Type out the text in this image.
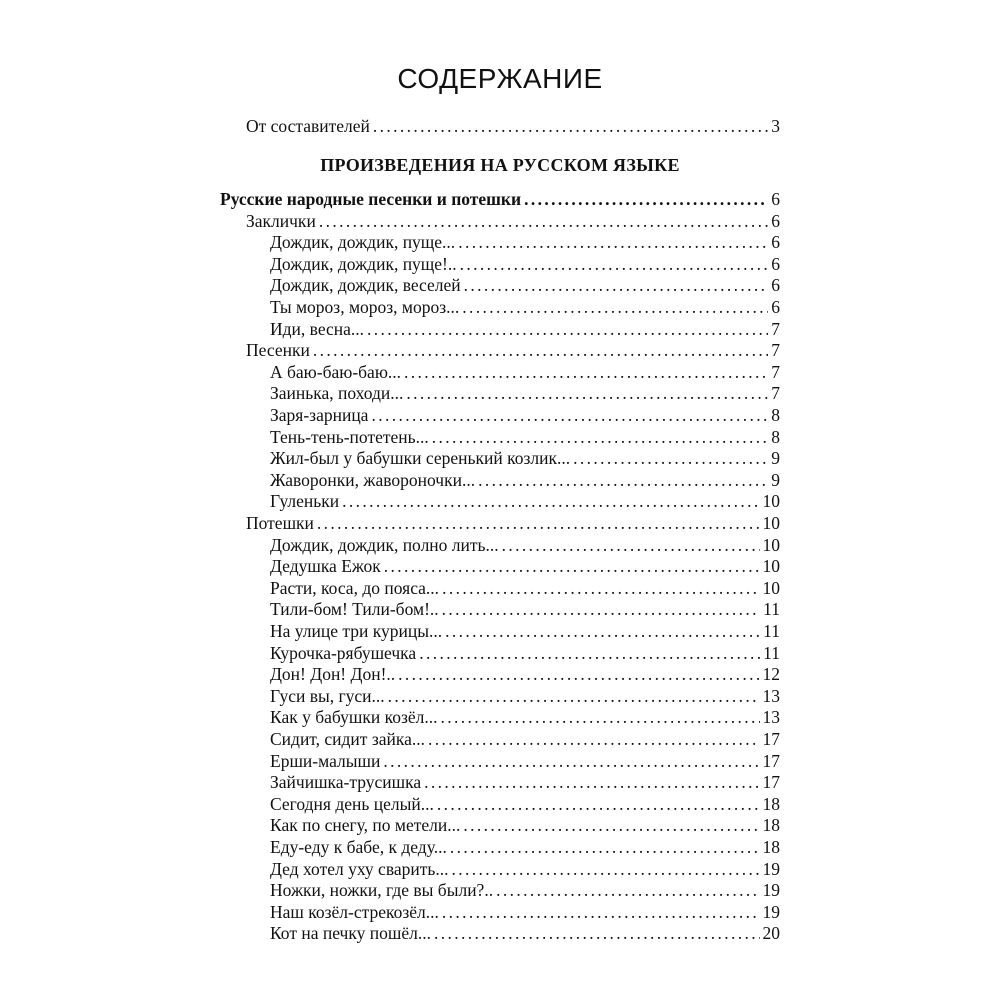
СОДЕРЖАНИЕ
От составителей . . .	3
ПРОИЗВЕДЕНИЯ НА РУССКОМ ЯЗЫКЕ
Русские народные песенки и потешки . . .	6
Заклички . . .	6
Дождик, дождик, пуще... . . .	6
Дождик, дождик, пуще!.. . . .	6
Дождик, дождик, веселей . . .	6
Ты мороз, мороз, мороз... . . .	6
Иди, весна... . . .	7
Песенки . . .	7
А баю-баю-баю... . . .	7
Заинька, походи... . . .	7
Заря-зарница . . .	8
Тень-тень-потетень... . . .	8
Жил-был у бабушки серенький козлик... . . .	9
Жаворонки, жавороночки... . . .	9
Гуленьки . . .	10
Потешки . . .	10
Дождик, дождик, полно лить... . . .	10
Дедушка Ежок . . .	10
Расти, коса, до пояса... . . .	10
Тили-бом! Тили-бом!.. . . .	11
На улице три курицы... . . .	11
Курочка-рябушечка . . .	11
Дон! Дон! Дон!.. . . .	12
Гуси вы, гуси... . . .	13
Как у бабушки козёл... . . .	13
Сидит, сидит зайка... . . .	17
Ерши-малыши . . .	17
Зайчишка-трусишка . . .	17
Сегодня день целый... . . .	18
Как по снегу, по метели... . . .	18
Еду-еду к бабе, к деду... . . .	18
Дед хотел уху сварить... . . .	19
Ножки, ножки, где вы были?.. . . .	19
Наш козёл-стрекозёл... . . .	19
Кот на печку пошёл... . . .	20
